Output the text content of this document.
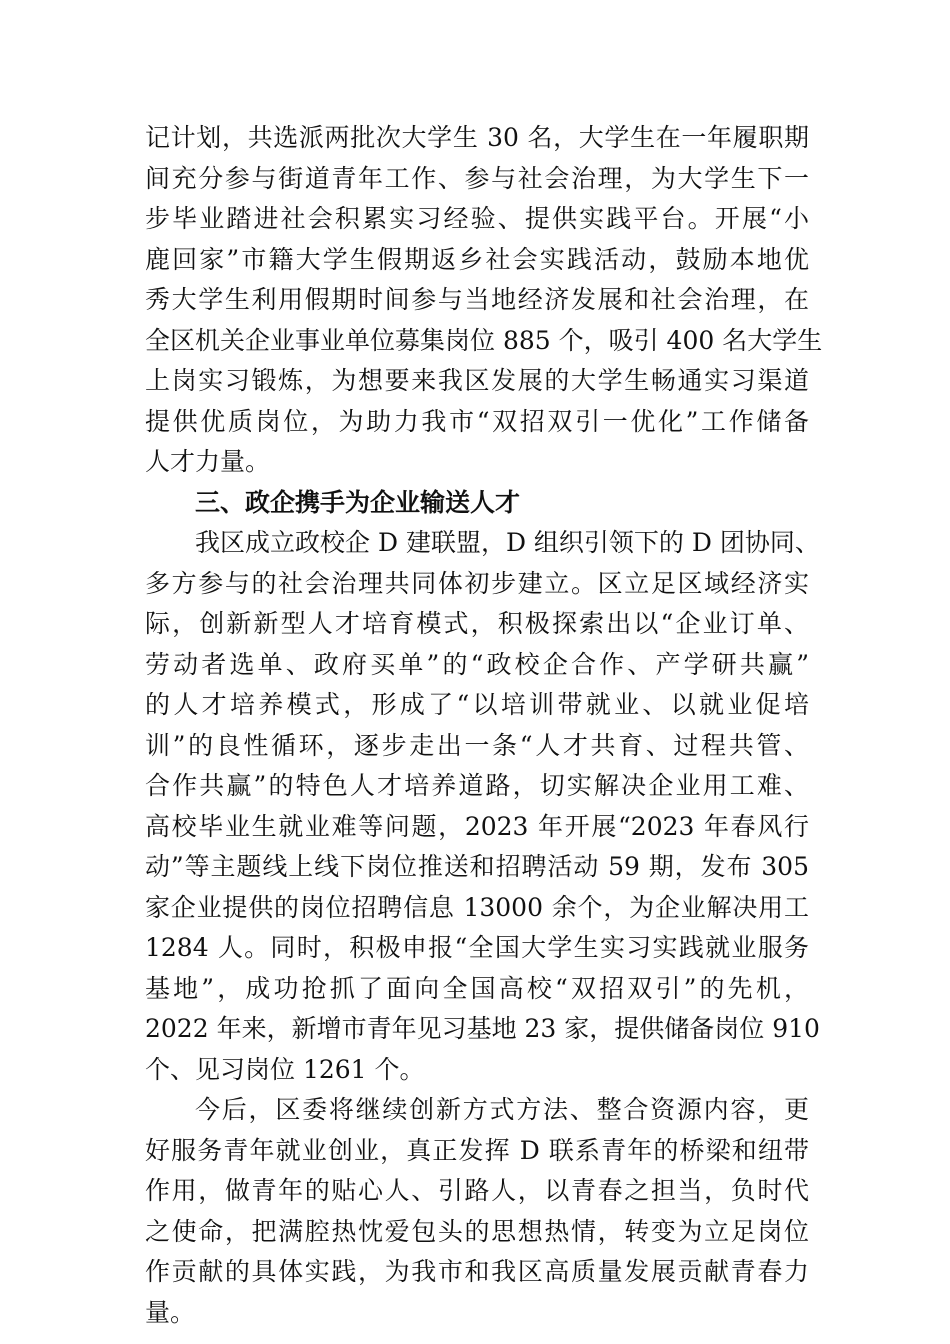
记计划，共选派两批次大学生 30 名，大学生在一年履职期
间充分参与街道青年工作、参与社会治理，为大学生下一
步毕业踏进社会积累实习经验、提供实践平台。开展“小
鹿回家”市籍大学生假期返乡社会实践活动，鼓励本地优
秀大学生利用假期时间参与当地经济发展和社会治理，在
全区机关企业事业单位募集岗位 885 个，吸引 400 名大学生
上岗实习锻炼，为想要来我区发展的大学生畅通实习渠道
提供优质岗位，为助力我市“双招双引一优化”工作储备
人才力量。
三、政企携手为企业输送人才
我区成立政校企 D 建联盟，D 组织引领下的 D 团协同、
多方参与的社会治理共同体初步建立。区立足区域经济实
际，创新新型人才培育模式，积极探索出以“企业订单、
劳动者选单、政府买单”的“政校企合作、产学研共赢”
的人才培养模式，形成了“以培训带就业、以就业促培
训”的良性循环，逐步走出一条“人才共育、过程共管、
合作共赢”的特色人才培养道路，切实解决企业用工难、
高校毕业生就业难等问题，2023 年开展“2023 年春风行
动”等主题线上线下岗位推送和招聘活动 59 期，发布 305
家企业提供的岗位招聘信息 13000 余个，为企业解决用工
1284 人。同时，积极申报“全国大学生实习实践就业服务
基地”，成功抢抓了面向全国高校“双招双引”的先机，
2022 年来，新增市青年见习基地 23 家，提供储备岗位 910
个、见习岗位 1261 个。
今后，区委将继续创新方式方法、整合资源内容，更
好服务青年就业创业，真正发挥 D 联系青年的桥梁和纽带
作用，做青年的贴心人、引路人，以青春之担当，负时代
之使命，把满腔热忱爱包头的思想热情，转变为立足岗位
作贡献的具体实践，为我市和我区高质量发展贡献青春力
量。
